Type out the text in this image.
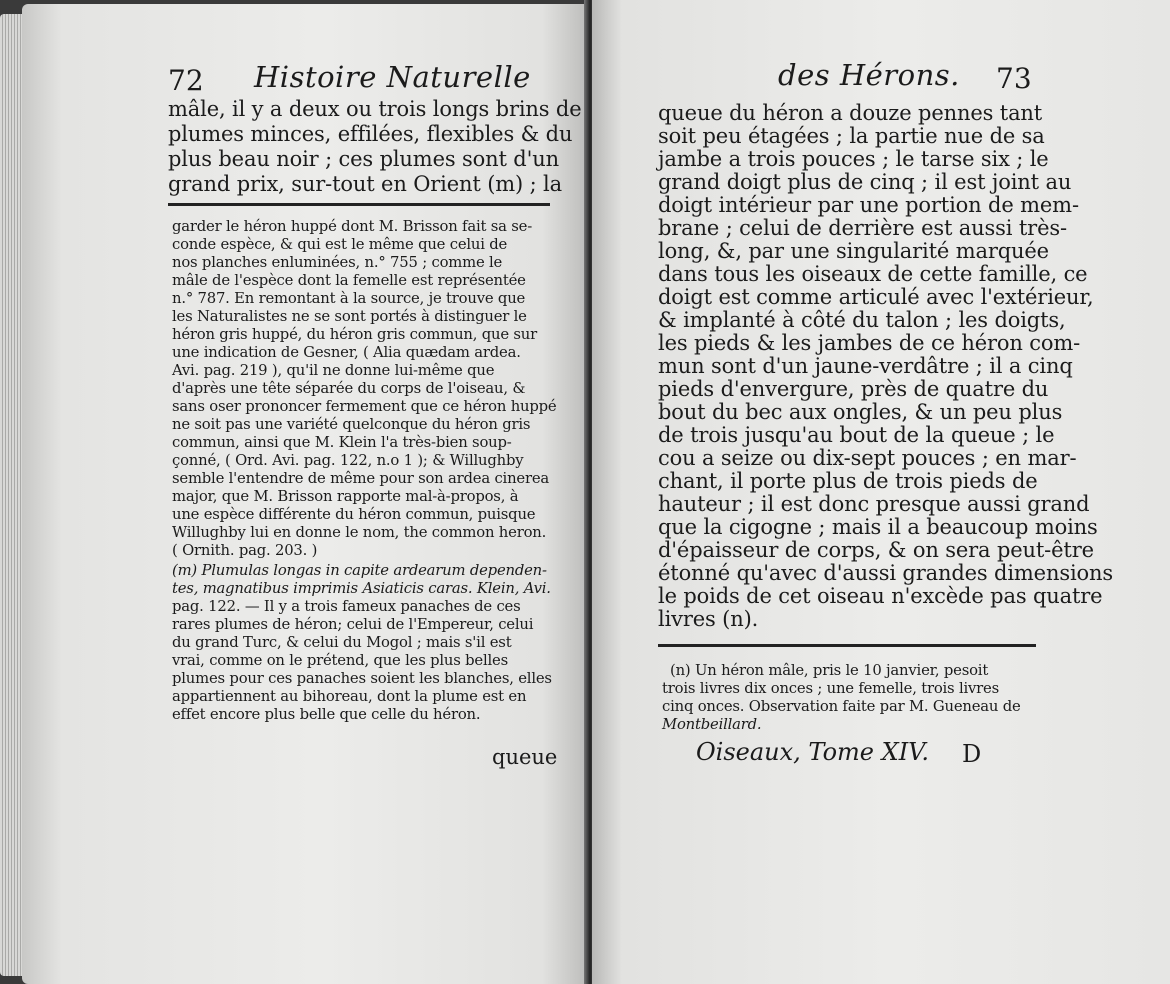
72 Histoire Naturelle
mâle, il y a deux ou trois longs brins de
plumes minces, effilées, flexibles & du
plus beau noir ; ces plumes sont d'un
grand prix, sur-tout en Orient (m) ; la
garder le héron huppé dont M. Brisson fait sa se-
conde espèce, & qui est le même que celui de
nos planches enluminées, n.° 755 ; comme le
mâle de l'espèce dont la femelle est représentée
n.° 787. En remontant à la source, je trouve que
les Naturalistes ne se sont portés à distinguer le
héron gris huppé, du héron gris commun, que sur
une indication de Gesner, ( Alia quædam ardea.
Avi. pag. 219 ), qu'il ne donne lui-même que
d'après une tête séparée du corps de l'oiseau, &
sans oser prononcer fermement que ce héron huppé
ne soit pas une variété quelconque du héron gris
commun, ainsi que M. Klein l'a très-bien soup-
çonné, ( Ord. Avi. pag. 122, n.o 1 ); & Willughby
semble l'entendre de même pour son ardea cinerea
major, que M. Brisson rapporte mal-à-propos, à
une espèce différente du héron commun, puisque
Willughby lui en donne le nom, the common heron.
( Ornith. pag. 203. )
(m) Plumulas longas in capite ardearum dependen-
tes, magnatibus imprimis Asiaticis caras. Klein, Avi.
pag. 122. — Il y a trois fameux panaches de ces
rares plumes de héron; celui de l'Empereur, celui
du grand Turc, & celui du Mogol ; mais s'il est
vrai, comme on le prétend, que les plus belles
plumes pour ces panaches soient les blanches, elles
appartiennent au bihoreau, dont la plume est en
effet encore plus belle que celle du héron.
queue
des Hérons. 73
queue du héron a douze pennes tant
soit peu étagées ; la partie nue de sa
jambe a trois pouces ; le tarse six ; le
grand doigt plus de cinq ; il est joint au
doigt intérieur par une portion de mem-
brane ; celui de derrière est aussi très-
long, &, par une singularité marquée
dans tous les oiseaux de cette famille, ce
doigt est comme articulé avec l'extérieur,
& implanté à côté du talon ; les doigts,
les pieds & les jambes de ce héron com-
mun sont d'un jaune-verdâtre ; il a cinq
pieds d'envergure, près de quatre du
bout du bec aux ongles, & un peu plus
de trois jusqu'au bout de la queue ; le
cou a seize ou dix-sept pouces ; en mar-
chant, il porte plus de trois pieds de
hauteur ; il est donc presque aussi grand
que la cigogne ; mais il a beaucoup moins
d'épaisseur de corps, & on sera peut-être
étonné qu'avec d'aussi grandes dimensions
le poids de cet oiseau n'excède pas quatre
livres (n).
(n) Un héron mâle, pris le 10 janvier, pesoit
trois livres dix onces ; une femelle, trois livres
cinq onces. Observation faite par M. Gueneau de
Montbeillard.
Oiseaux, Tome XIV. D
